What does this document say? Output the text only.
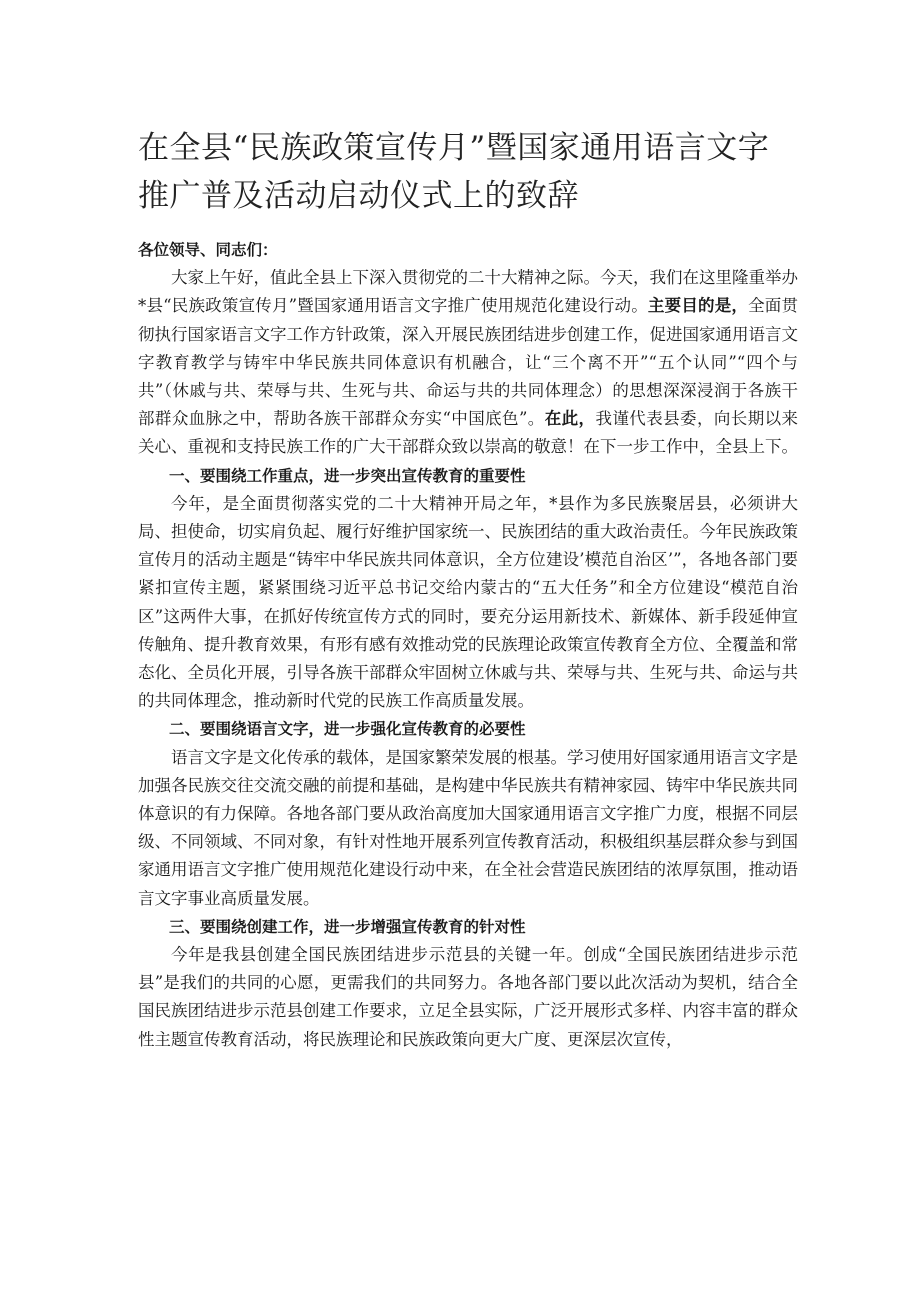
在全县“民族政策宣传月”暨国家通用语言文字推广普及活动启动仪式上的致辞

各位领导、同志们：

大家上午好，值此全县上下深入贯彻党的二十大精神之际。今天，我们在这里隆重举办*县“民族政策宣传月”暨国家通用语言文字推广使用规范化建设行动。主要目的是，全面贯彻执行国家语言文字工作方针政策，深入开展民族团结进步创建工作，促进国家通用语言文字教育教学与铸牢中华民族共同体意识有机融合，让“三个离不开”“五个认同”“四个与共”（休戚与共、荣辱与共、生死与共、命运与共的共同体理念）的思想深深浸润于各族干部群众血脉之中，帮助各族干部群众夯实“中国底色”。在此，我谨代表县委，向长期以来关心、重视和支持民族工作的广大干部群众致以崇高的敬意！在下一步工作中，全县上下。

一、要围绕工作重点，进一步突出宣传教育的重要性

今年，是全面贯彻落实党的二十大精神开局之年，*县作为多民族聚居县，必须讲大局、担使命，切实肩负起、履行好维护国家统一、民族团结的重大政治责任。今年民族政策宣传月的活动主题是“铸牢中华民族共同体意识，全方位建设’模范自治区’”，各地各部门要紧扣宣传主题，紧紧围绕习近平总书记交给内蒙古的“五大任务”和全方位建设“模范自治区”这两件大事，在抓好传统宣传方式的同时，要充分运用新技术、新媒体、新手段延伸宣传触角、提升教育效果，有形有感有效推动党的民族理论政策宣传教育全方位、全覆盖和常态化、全员化开展，引导各族干部群众牢固树立休戚与共、荣辱与共、生死与共、命运与共的共同体理念，推动新时代党的民族工作高质量发展。

二、要围绕语言文字，进一步强化宣传教育的必要性

语言文字是文化传承的载体，是国家繁荣发展的根基。学习使用好国家通用语言文字是加强各民族交往交流交融的前提和基础，是构建中华民族共有精神家园、铸牢中华民族共同体意识的有力保障。各地各部门要从政治高度加大国家通用语言文字推广力度，根据不同层级、不同领域、不同对象，有针对性地开展系列宣传教育活动，积极组织基层群众参与到国家通用语言文字推广使用规范化建设行动中来，在全社会营造民族团结的浓厚氛围，推动语言文字事业高质量发展。

三、要围绕创建工作，进一步增强宣传教育的针对性

今年是我县创建全国民族团结进步示范县的关键一年。创成“全国民族团结进步示范县”是我们的共同的心愿，更需我们的共同努力。各地各部门要以此次活动为契机，结合全国民族团结进步示范县创建工作要求，立足全县实际，广泛开展形式多样、内容丰富的群众性主题宣传教育活动，将民族理论和民族政策向更大广度、更深层次宣传，
